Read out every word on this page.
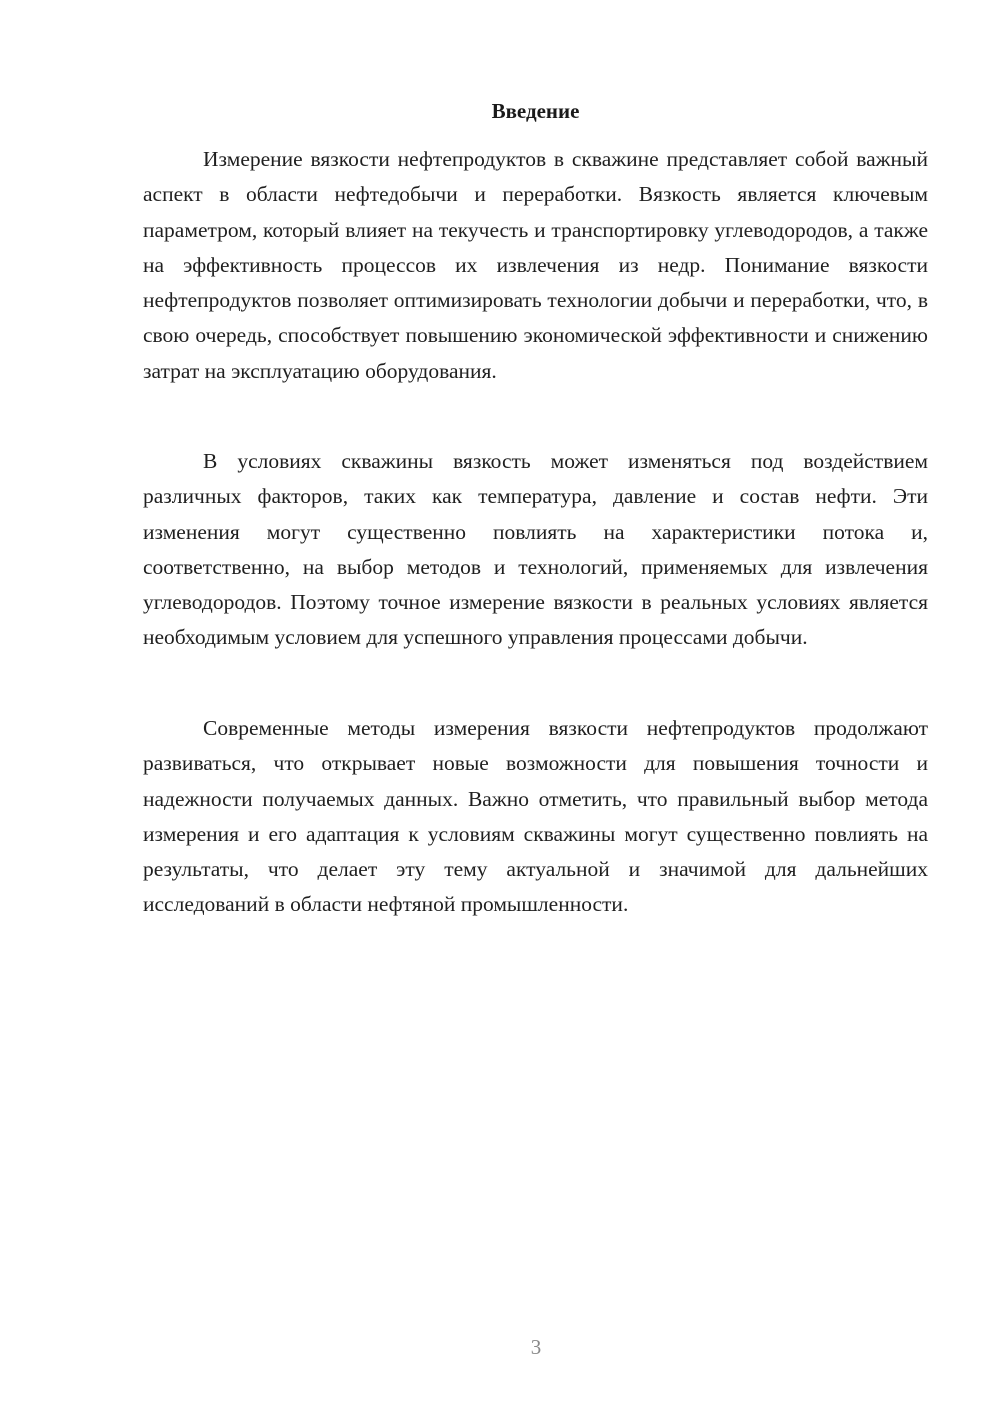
Введение

Измерение вязкости нефтепродуктов в скважине представляет собой важный аспект в области нефтедобычи и переработки. Вязкость является ключевым параметром, который влияет на текучесть и транспортировку углеводородов, а также на эффективность процессов их извлечения из недр. Понимание вязкости нефтепродуктов позволяет оптимизировать технологии добычи и переработки, что, в свою очередь, способствует повышению экономической эффективности и снижению затрат на эксплуатацию оборудования.

В условиях скважины вязкость может изменяться под воздействием различных факторов, таких как температура, давление и состав нефти. Эти изменения могут существенно повлиять на характеристики потока и, соответственно, на выбор методов и технологий, применяемых для извлечения углеводородов. Поэтому точное измерение вязкости в реальных условиях является необходимым условием для успешного управления процессами добычи.

Современные методы измерения вязкости нефтепродуктов продолжают развиваться, что открывает новые возможности для повышения точности и надежности получаемых данных. Важно отметить, что правильный выбор метода измерения и его адаптация к условиям скважины могут существенно повлиять на результаты, что делает эту тему актуальной и значимой для дальнейших исследований в области нефтяной промышленности.

3
